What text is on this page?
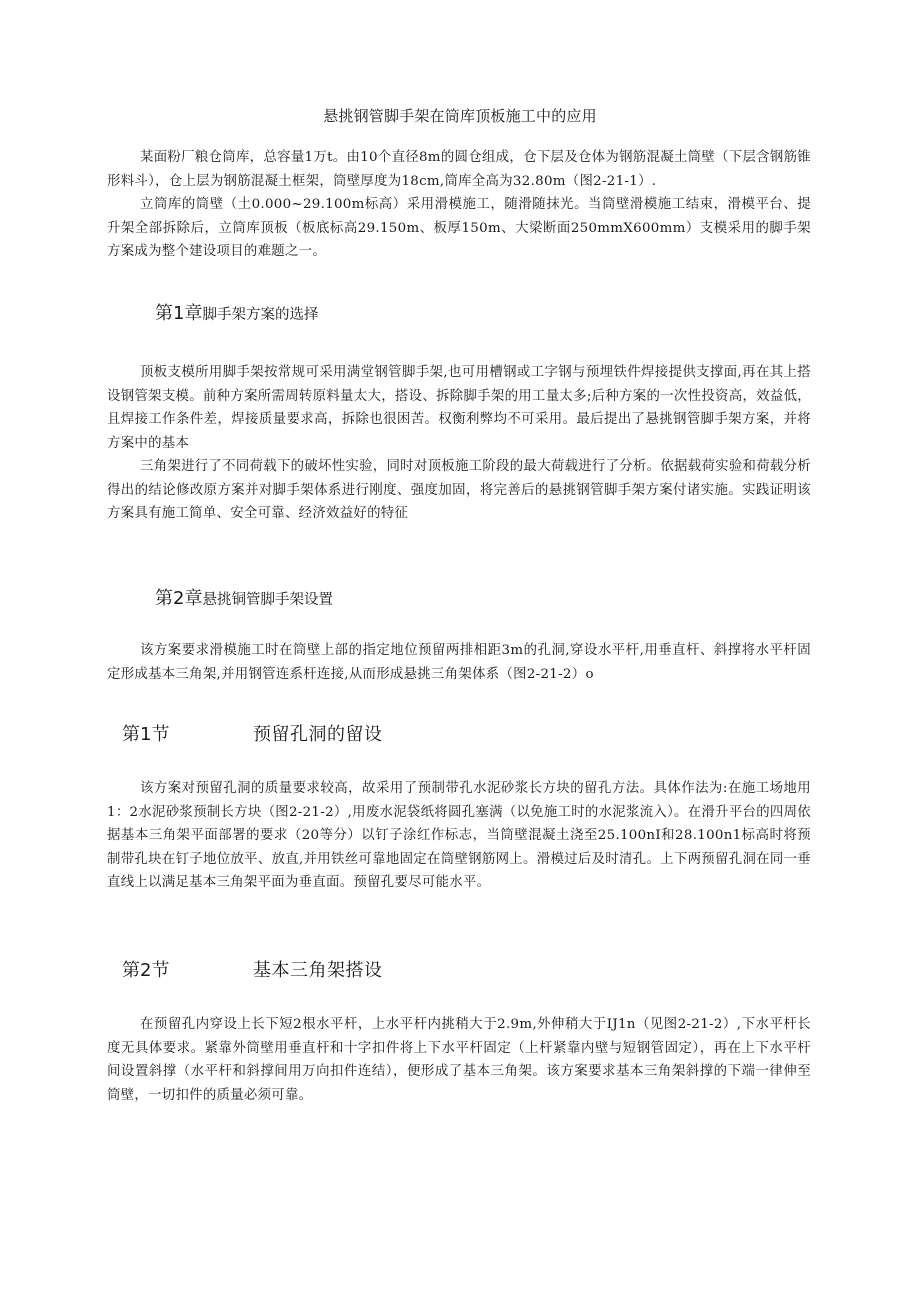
悬挑钢管脚手架在筒库顶板施工中的应用

某面粉厂粮仓筒库，总容量1万t。由10个直径8m的圆仓组成，仓下层及仓体为钢筋混凝土筒壁（下层含钢筋锥形料斗），仓上层为钢筋混凝土框架，筒壁厚度为18cm,筒库全高为32.80m（图2-21-1）.

立筒库的筒壁（土0.000~29.100m标高）采用滑模施工，随滑随抹光。当筒壁滑模施工结束，滑模平台、提升架全部拆除后，立筒库顶板（板底标高29.150m、板厚150m、大梁断面250mmX600mm）支模采用的脚手架方案成为整个建设项目的难题之一。

第1章脚手架方案的选择

顶板支模所用脚手架按常规可采用满堂钢管脚手架,也可用槽钢或工字钢与预埋铁件焊接提供支撑面,再在其上搭设钢管架支模。前种方案所需周转原料量太大，搭设、拆除脚手架的用工量太多;后种方案的一次性投资高，效益低，且焊接工作条件差，焊接质量要求高，拆除也很困苦。权衡利弊均不可采用。最后提出了悬挑钢管脚手架方案，并将方案中的基本

三角架进行了不同荷载下的破坏性实验，同时对顶板施工阶段的最大荷载进行了分析。依据载荷实验和荷载分析得出的结论修改原方案并对脚手架体系进行刚度、强度加固，将完善后的悬挑钢管脚手架方案付诸实施。实践证明该方案具有施工简单、安全可靠、经济效益好的特征

第2章悬挑铜管脚手架设置

该方案要求滑模施工时在筒壁上部的指定地位预留两排相距3m的孔洞,穿设水平杆,用垂直杆、斜撑将水平杆固定形成基本三角架,并用钢管连系杆连接,从而形成悬挑三角架体系（图2-21-2）o

第1节	预留孔洞的留设

该方案对预留孔洞的质量要求较高，故采用了预制带孔水泥砂浆长方块的留孔方法。具体作法为:在施工场地用1：2水泥砂浆预制长方块（图2-21-2）,用废水泥袋纸将圆孔塞满（以免施工时的水泥浆流入）。在滑升平台的四周依据基本三角架平面部署的要求（20等分）以钉子涂红作标志，当筒壁混凝土浇至25.100nI和28.100n1标高时将预制带孔块在钉子地位放平、放直,并用铁丝可靠地固定在筒壁钢筋网上。滑模过后及时清孔。上下两预留孔洞在同一垂直线上以满足基本三角架平面为垂直面。预留孔要尽可能水平。

第2节	基本三角架搭设

在预留孔内穿设上长下短2根水平杆，上水平杆内挑稍大于2.9m,外伸稍大于IJ1n（见图2-21-2）,下水平杆长度无具体要求。紧靠外筒壁用垂直杆和十字扣件将上下水平杆固定（上杆紧靠内壁与短钢管固定），再在上下水平杆间设置斜撑（水平杆和斜撑间用万向扣件连结），便形成了基本三角架。该方案要求基本三角架斜撑的下端一律伸至筒壁，一切扣件的质量必须可靠。
